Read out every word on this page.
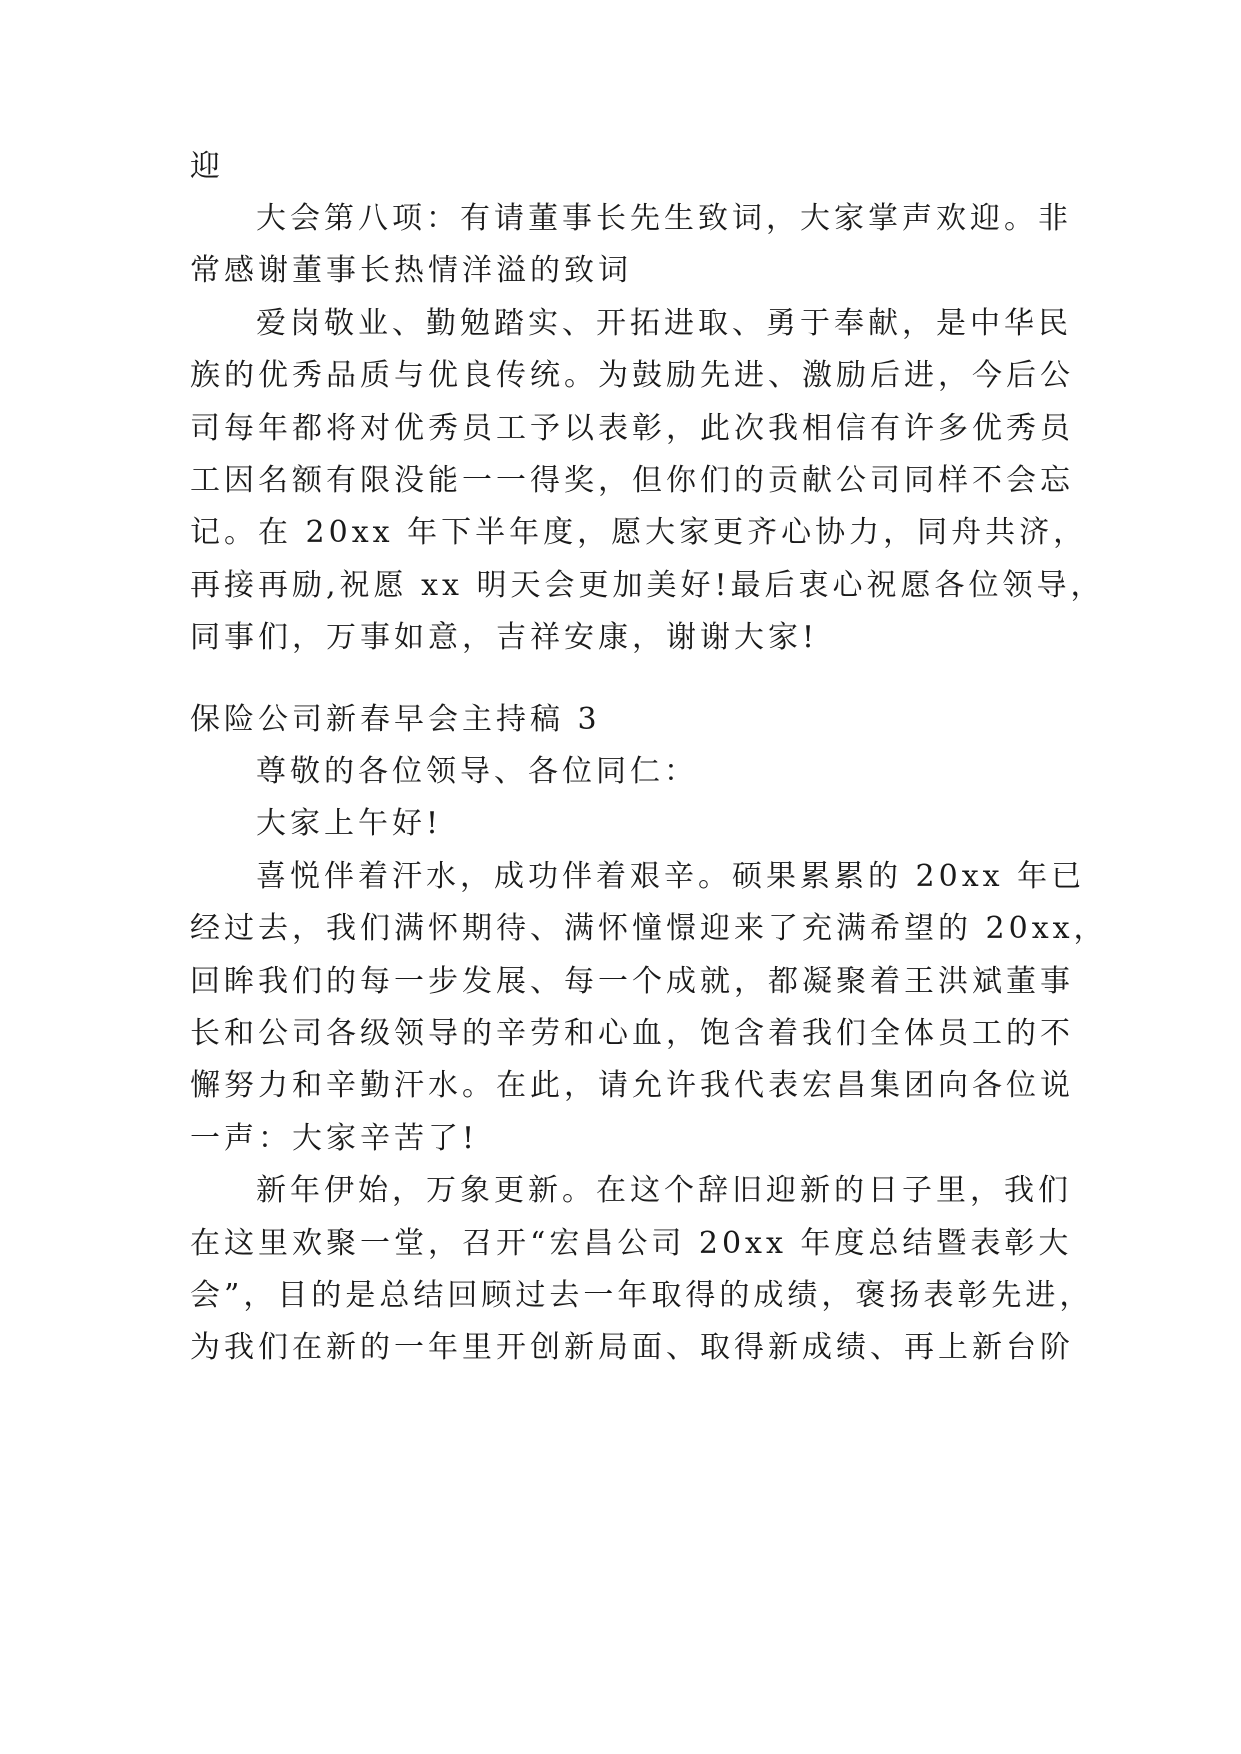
迎
大会第八项：有请董事长先生致词，大家掌声欢迎。非
常感谢董事长热情洋溢的致词
爱岗敬业、勤勉踏实、开拓进取、勇于奉献，是中华民
族的优秀品质与优良传统。为鼓励先进、激励后进，今后公
司每年都将对优秀员工予以表彰，此次我相信有许多优秀员
工因名额有限没能一一得奖，但你们的贡献公司同样不会忘
记。在 20xx 年下半年度，愿大家更齐心协力，同舟共济，
再接再励,祝愿 xx 明天会更加美好!最后衷心祝愿各位领导，
同事们，万事如意，吉祥安康，谢谢大家!
保险公司新春早会主持稿 3
尊敬的各位领导、各位同仁：
大家上午好!
喜悦伴着汗水，成功伴着艰辛。硕果累累的 20xx 年已
经过去，我们满怀期待、满怀憧憬迎来了充满希望的 20xx，
回眸我们的每一步发展、每一个成就，都凝聚着王洪斌董事
长和公司各级领导的辛劳和心血，饱含着我们全体员工的不
懈努力和辛勤汗水。在此，请允许我代表宏昌集团向各位说
一声：大家辛苦了!
新年伊始，万象更新。在这个辞旧迎新的日子里，我们
在这里欢聚一堂，召开“宏昌公司 20xx 年度总结暨表彰大
会”，目的是总结回顾过去一年取得的成绩，褒扬表彰先进，
为我们在新的一年里开创新局面、取得新成绩、再上新台阶
